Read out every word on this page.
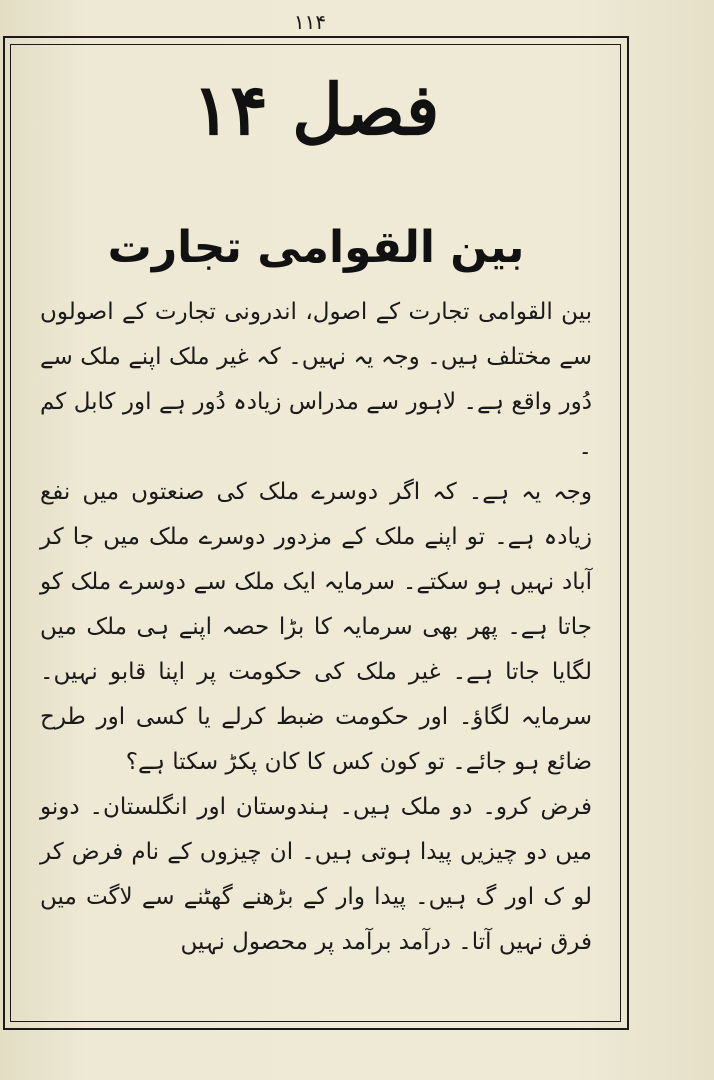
۱۱۴
فصل ۱۴
بین القوامی تجارت

بین القوامی تجارت کے اصول، اندرونی تجارت کے اصولوں سے مختلف ہیں۔ وجہ یہ نہیں۔ کہ غیر ملک اپنے ملک سے دُور واقع ہے۔ لاہور سے مدراس زیادہ دُور ہے اور کابل کم ۔

وجہ یہ ہے۔ کہ اگر دوسرے ملک کی صنعتوں میں نفع زیادہ ہے۔ تو اپنے ملک کے مزدور دوسرے ملک میں جا کر آباد نہیں ہو سکتے۔ سرمایہ ایک ملک سے دوسرے ملک کو جاتا ہے۔ پھر بھی سرمایہ کا بڑا حصہ اپنے ہی ملک میں لگایا جاتا ہے۔ غیر ملک کی حکومت پر اپنا قابو نہیں۔ سرمایہ لگاؤ۔ اور حکومت ضبط کرلے یا کسی اور طرح ضائع ہو جائے۔ تو کون کس کا کان پکڑ سکتا ہے؟

فرض کرو۔ دو ملک ہیں۔ ہندوستان اور انگلستان۔ دونو میں دو چیزیں پیدا ہوتی ہیں۔ ان چیزوں کے نام فرض کر لو ک اور گ ہیں۔ پیدا وار کے بڑھنے گھٹنے سے لاگت میں فرق نہیں آتا۔ درآمد برآمد پر محصول نہیں
